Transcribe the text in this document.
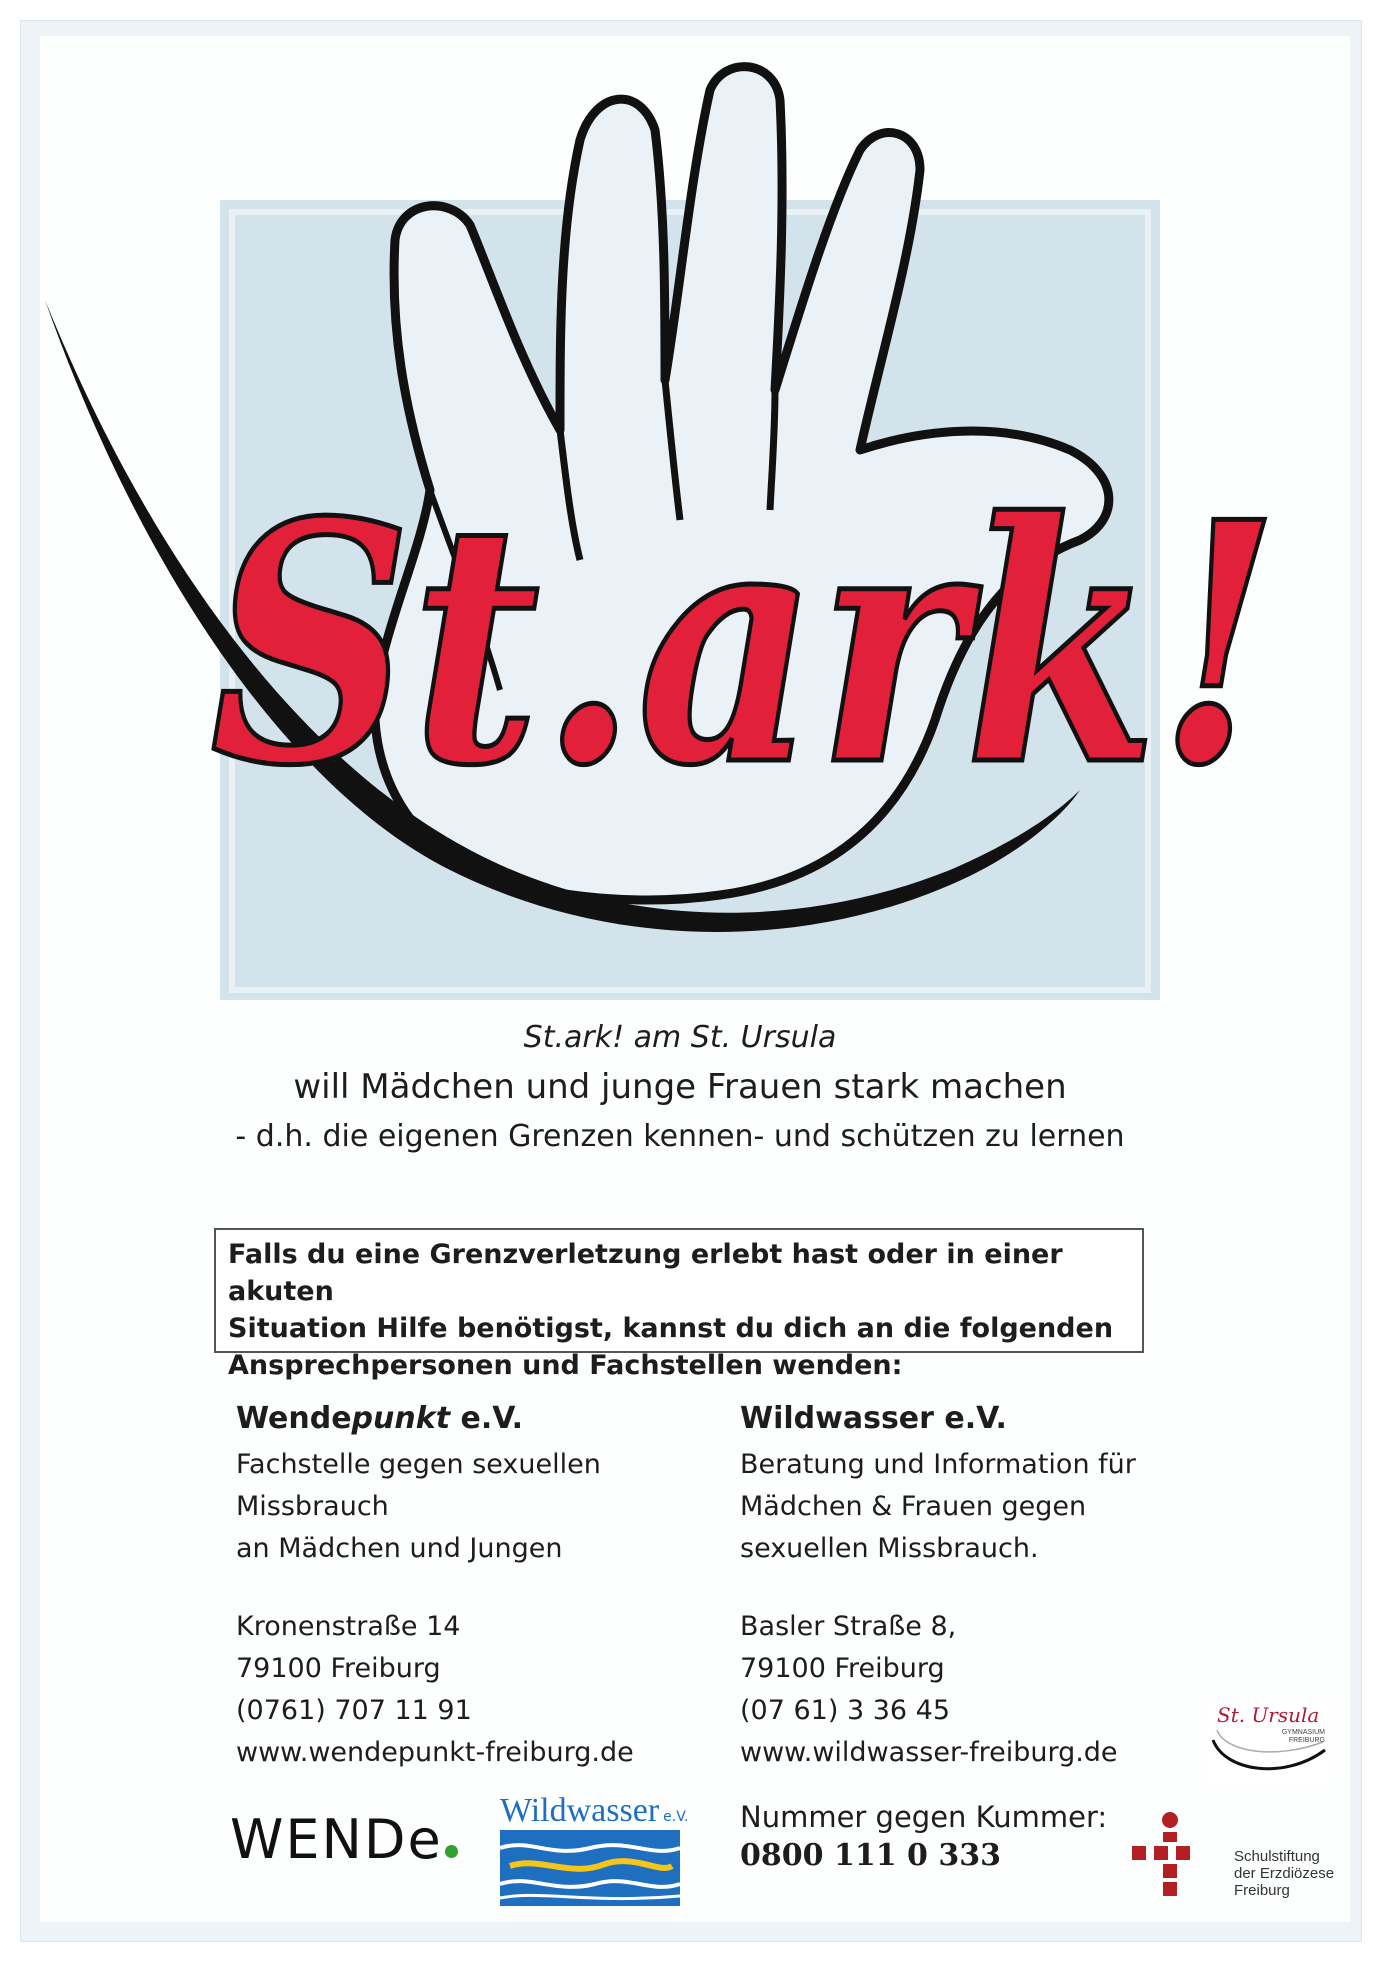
St.ark!
St.ark! am St. Ursula
will Mädchen und junge Frauen stark machen
- d.h. die eigenen Grenzen kennen- und schützen zu lernen
Falls du eine Grenzverletzung erlebt hast oder in einer akuten
Situation Hilfe benötigst, kannst du dich an die folgenden
Ansprechpersonen und Fachstellen wenden:
Wendepunkt e.V.
Fachstelle gegen sexuellen
Missbrauch
an Mädchen und Jungen
Kronenstraße 14
79100 Freiburg
(0761) 707 11 91
www.wendepunkt-freiburg.de
Wildwasser e.V.
Beratung und Information für
Mädchen & Frauen gegen
sexuellen Missbrauch.
Basler Straße 8,
79100 Freiburg
(07 61) 3 36 45
www.wildwasser-freiburg.de
Nummer gegen Kummer:
0800 111 0 333
WENDe	Wildwasser e.V.
St. Ursula
GYMNASIUM
FREIBURG
Schulstiftung
der Erzdiözese
Freiburg
